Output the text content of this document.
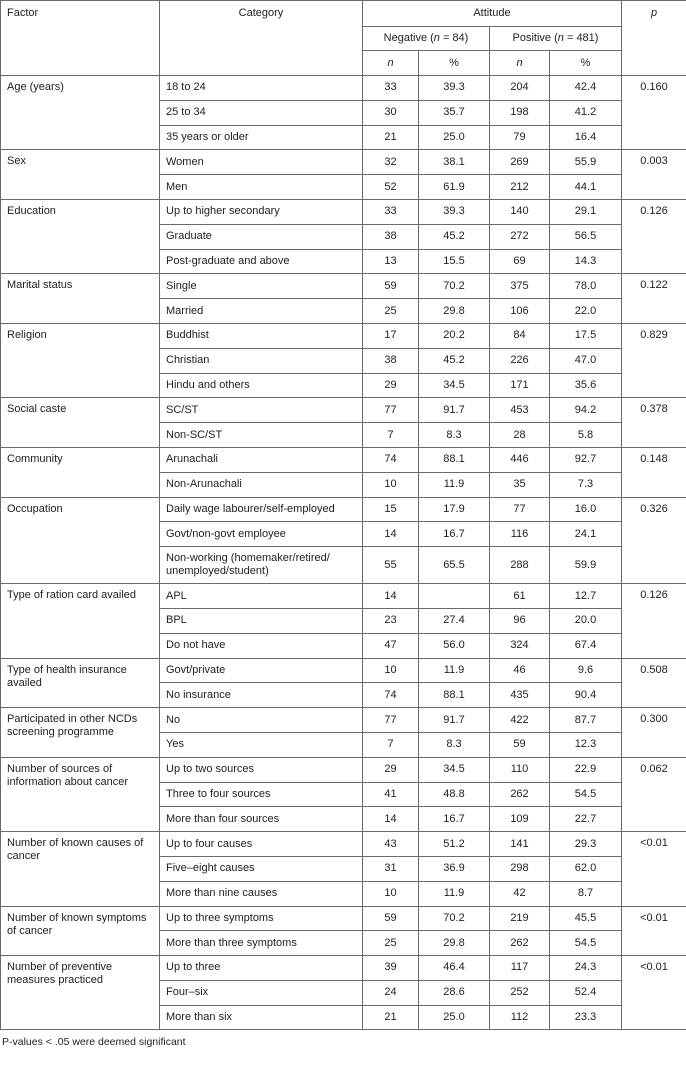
Factor	Category	Attitude				p
		Negative (n = 84)		Positive (n = 481)		
		n	%	n	%	
Age (years)	18 to 24	33	39.3	204	42.4	0.160
	25 to 34	30	35.7	198	41.2	
	35 years or older	21	25.0	79	16.4	
Sex	Women	32	38.1	269	55.9	0.003
	Men	52	61.9	212	44.1	
Education	Up to higher secondary	33	39.3	140	29.1	0.126
	Graduate	38	45.2	272	56.5	
	Post-graduate and above	13	15.5	69	14.3	
Marital status	Single	59	70.2	375	78.0	0.122
	Married	25	29.8	106	22.0	
Religion	Buddhist	17	20.2	84	17.5	0.829
	Christian	38	45.2	226	47.0	
	Hindu and others	29	34.5	171	35.6	
Social caste	SC/ST	77	91.7	453	94.2	0.378
	Non-SC/ST	7	8.3	28	5.8	
Community	Arunachali	74	88.1	446	92.7	0.148
	Non-Arunachali	10	11.9	35	7.3	
Occupation	Daily wage labourer/self-employed	15	17.9	77	16.0	0.326
	Govt/non-govt employee	14	16.7	116	24.1	
	Non-working (homemaker/retired/ unemployed/student)	55	65.5	288	59.9	
Type of ration card availed	APL	14		61	12.7	0.126
	BPL	23	27.4	96	20.0	
	Do not have	47	56.0	324	67.4	
Type of health insurance availed	Govt/private	10	11.9	46	9.6	0.508
	No insurance	74	88.1	435	90.4	
Participated in other NCDs screening programme	No	77	91.7	422	87.7	0.300
	Yes	7	8.3	59	12.3	
Number of sources of information about cancer	Up to two sources	29	34.5	110	22.9	0.062
	Three to four sources	41	48.8	262	54.5	
	More than four sources	14	16.7	109	22.7	
Number of known causes of cancer	Up to four causes	43	51.2	141	29.3	<0.01
	Five–eight causes	31	36.9	298	62.0	
	More than nine causes	10	11.9	42	8.7	
Number of known symptoms of cancer	Up to three symptoms	59	70.2	219	45.5	<0.01
	More than three symptoms	25	29.8	262	54.5	
Number of preventive measures practiced	Up to three	39	46.4	117	24.3	<0.01
	Four–six	24	28.6	252	52.4	
	More than six	21	25.0	112	23.3	
P-values < .05 were deemed significant
